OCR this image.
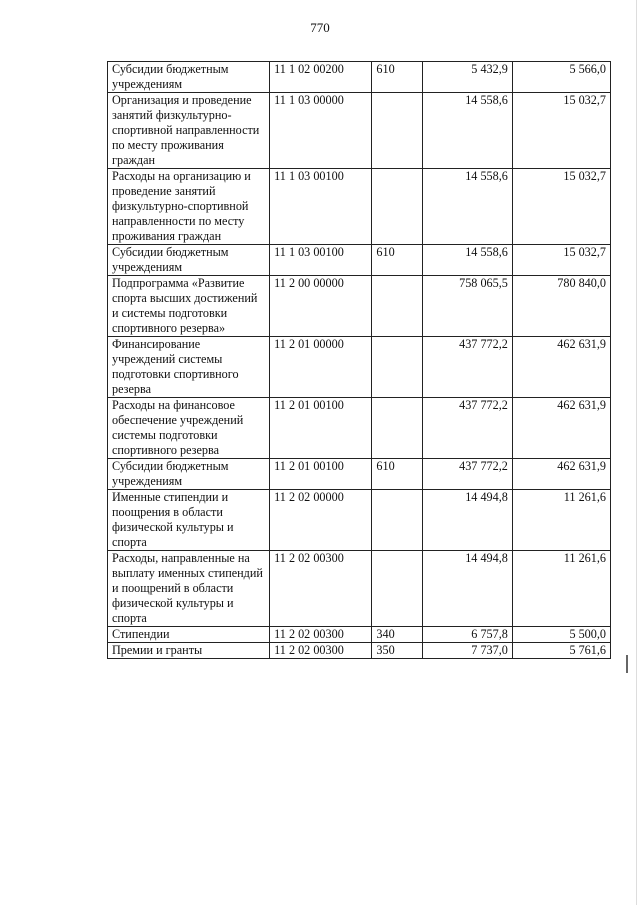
770
Субсидии бюджетным учреждениям	11 1 02 00200	610	5 432,9	5 566,0
Организация и проведение занятий физкультурно-спортивной направленности по месту проживания граждан	11 1 03 00000		14 558,6	15 032,7
Расходы на организацию и проведение занятий физкультурно-спортивной направленности по месту проживания граждан	11 1 03 00100		14 558,6	15 032,7
Субсидии бюджетным учреждениям	11 1 03 00100	610	14 558,6	15 032,7
Подпрограмма «Развитие спорта высших достижений и системы подготовки спортивного резерва»	11 2 00 00000		758 065,5	780 840,0
Финансирование учреждений системы подготовки спортивного резерва	11 2 01 00000		437 772,2	462 631,9
Расходы на финансовое обеспечение учреждений системы подготовки спортивного резерва	11 2 01 00100		437 772,2	462 631,9
Субсидии бюджетным учреждениям	11 2 01 00100	610	437 772,2	462 631,9
Именные стипендии и поощрения в области физической культуры и спорта	11 2 02 00000		14 494,8	11 261,6
Расходы, направленные на выплату именных стипендий и поощрений в области физической культуры и спорта	11 2 02 00300		14 494,8	11 261,6
Стипендии	11 2 02 00300	340	6 757,8	5 500,0
Премии и гранты	11 2 02 00300	350	7 737,0	5 761,6
